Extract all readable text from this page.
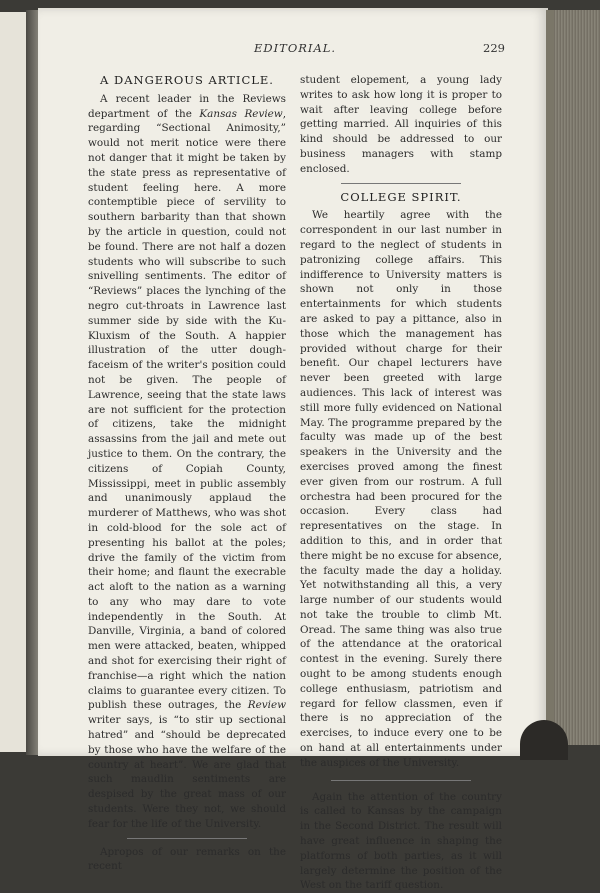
EDITORIAL.	229
A DANGEROUS ARTICLE.

A recent leader in the Reviews department of the Kansas Review, regarding “Sectional Animosity,” would not merit notice were there not danger that it might be taken by the state press as representative of student feeling here. A more contemptible piece of servility to southern barbarity than that shown by the article in question, could not be found. There are not half a dozen students who will subscribe to such snivelling sentiments. The editor of “Reviews” places the lynching of the negro cut-throats in Lawrence last summer side by side with the Ku-Kluxism of the South. A happier illustration of the utter dough-faceism of the writer's position could not be given. The people of Lawrence, seeing that the state laws are not sufficient for the protection of citizens, take the midnight assassins from the jail and mete out justice to them. On the contrary, the citizens of Copiah County, Mississippi, meet in public assembly and unanimously applaud the murderer of Matthews, who was shot in cold-blood for the sole act of presenting his ballot at the poles; drive the family of the victim from their home; and flaunt the execrable act aloft to the nation as a warning to any who may dare to vote independently in the South. At Danville, Virginia, a band of colored men were attacked, beaten, whipped and shot for exercising their right of franchise—a right which the nation claims to guarantee every citizen. To publish these outrages, the Review writer says, is “to stir up sectional hatred” and “should be deprecated by those who have the welfare of the country at heart”. We are glad that such maudlin sentiments are despised by the great mass of our students. Were they not, we should fear for the life of the University.

Apropos of our remarks on the recent

student elopement, a young lady writes to ask how long it is proper to wait after leaving college before getting married. All inquiries of this kind should be addressed to our business managers with stamp enclosed.

COLLEGE SPIRIT.

We heartily agree with the correspondent in our last number in regard to the neglect of students in patronizing college affairs. This indifference to University matters is shown not only in those entertainments for which students are asked to pay a pittance, also in those which the management has provided without charge for their benefit. Our chapel lecturers have never been greeted with large audiences. This lack of interest was still more fully evidenced on National May. The programme prepared by the faculty was made up of the best speakers in the University and the exercises proved among the finest ever given from our rostrum. A full orchestra had been procured for the occasion. Every class had representatives on the stage. In addition to this, and in order that there might be no excuse for absence, the faculty made the day a holiday. Yet notwithstanding all this, a very large number of our students would not take the trouble to climb Mt. Oread. The same thing was also true of the attendance at the oratorical contest in the evening. Surely there ought to be among students enough college enthusiasm, patriotism and regard for fellow classmen, even if there is no appreciation of the exercises, to induce every one to be on hand at all entertainments under the auspices of the University.

Again the attention of the country is called to Kansas by the campaign in the Second District. The result will have great influence in shaping the platforms of both parties, as it will largely determine the position of the West on the tariff question.
